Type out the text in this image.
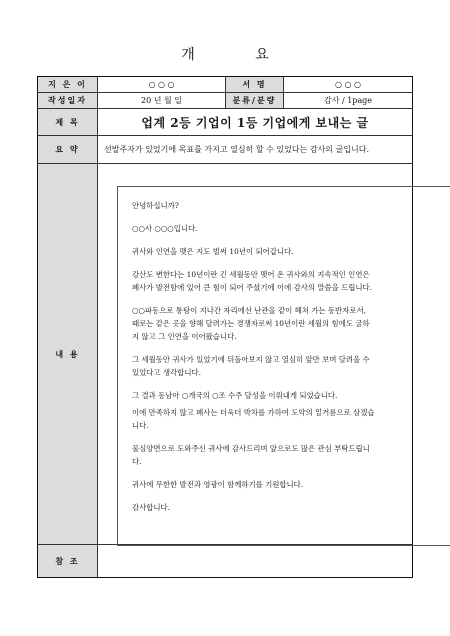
개 요
지 은 이	○ ○ ○	서 명	○ ○ ○
작성일자	20 년 월 일	분류/분량	감사 / 1page
제 목	업계 2등 기업이 1등 기업에게 보내는 글
요 약	선발주자가 있었기에 목표를 가지고 열심히 할 수 있었다는 감사의 글입니다.
내 용

안녕하십니까?

○○사 ○○○입니다.

귀사와 인연을 맺은 지도 벌써 10년이 되어갑니다.

강산도 변한다는 10년이란 긴 세월동안 맺어 온 귀사와의 지속적인 인연은
폐사가 발전함에 있어 큰 힘이 되어 주셨기에 이에 감사의 말씀을 드립니다.

○○파동으로 통탕이 지나간 자리에선 난관을 같이 헤쳐 가는 동반자로서,
때로는 같은 곳을 향해 달려가는 경쟁자로써 10년이란 세월의 힘에도 굴하
지 않고 그 인연을 이어왔습니다.

그 세월동안 귀사가 있었기에 뒤돌아보지 않고 열심히 앞만 보며 달려올 수
있었다고 생각합니다.

그 결과 동남아 ○개국의 ○조 수주 달성을 이뤄내게 되었습니다.

이에 만족하지 않고 폐사는 더욱더 박차를 가하여 도약의 밑거름으로 삼겠습
니다.

물심양면으로 도와주신 귀사에 감사드리며 앞으로도 많은 관심 부탁드립니
다.

귀사에 무한한 발전과 영광이 함께하기를 기원합니다.

감사합니다.

참 조
